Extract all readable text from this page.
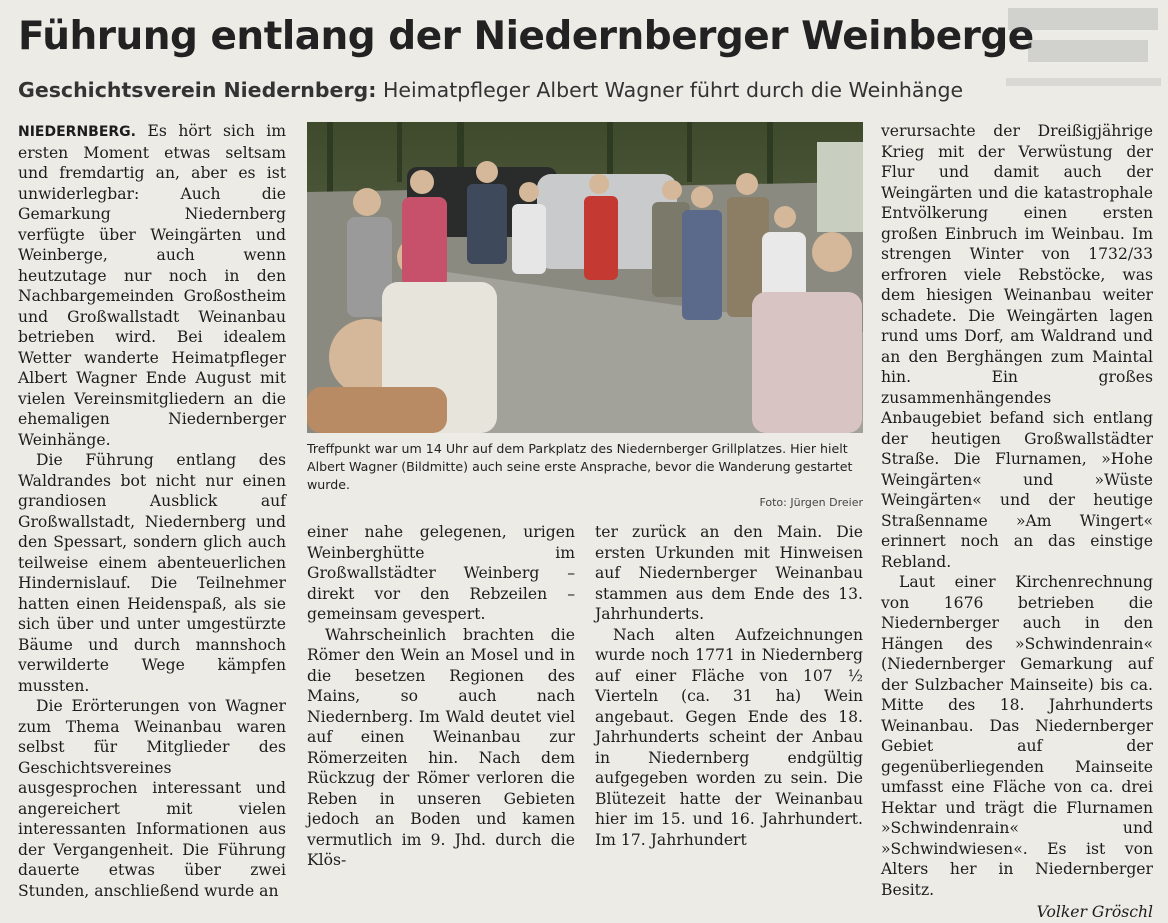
Führung entlang der Niedernberger Weinberge
Geschichtsverein Niedernberg: Heimatpfleger Albert Wagner führt durch die Weinhänge

NIEDERNBERG. Es hört sich im ersten Moment etwas seltsam und fremdartig an, aber es ist unwiderlegbar: Auch die Gemarkung Niedernberg verfügte über Weingärten und Weinberge, auch wenn heutzutage nur noch in den Nachbargemeinden Großostheim und Großwallstadt Weinanbau betrieben wird. Bei idealem Wetter wanderte Heimatpfleger Albert Wagner Ende August mit vielen Vereinsmitgliedern an die ehemaligen Niedernberger Weinhänge.

Die Führung entlang des Waldrandes bot nicht nur einen grandiosen Ausblick auf Großwallstadt, Niedernberg und den Spessart, sondern glich auch teilweise einem abenteuerlichen Hindernislauf. Die Teilnehmer hatten einen Heidenspaß, als sie sich über und unter umgestürzte Bäume und durch mannshoch verwilderte Wege kämpfen mussten.

Die Erörterungen von Wagner zum Thema Weinanbau waren selbst für Mitglieder des Geschichtsvereines ausgesprochen interessant und angereichert mit vielen interessanten Informationen aus der Vergangenheit. Die Führung dauerte etwas über zwei Stunden, anschließend wurde an

Treffpunkt war um 14 Uhr auf dem Parkplatz des Niedernberger Grillplatzes. Hier hielt Albert Wagner (Bildmitte) auch seine erste Ansprache, bevor die Wanderung gestartet wurde.
Foto: Jürgen Dreier

einer nahe gelegenen, urigen Weinberghütte im Großwallstädter Weinberg – direkt vor den Rebzeilen – gemeinsam gevespert.

Wahrscheinlich brachten die Römer den Wein an Mosel und in die besetzen Regionen des Mains, so auch nach Niedernberg. Im Wald deutet viel auf einen Weinanbau zur Römerzeiten hin. Nach dem Rückzug der Römer verloren die Reben in unseren Gebieten jedoch an Boden und kamen vermutlich im 9. Jhd. durch die Klös-

ter zurück an den Main. Die ersten Urkunden mit Hinweisen auf Niedernberger Weinanbau stammen aus dem Ende des 13. Jahrhunderts.

Nach alten Aufzeichnungen wurde noch 1771 in Niedernberg auf einer Fläche von 107 ½ Vierteln (ca. 31 ha) Wein angebaut. Gegen Ende des 18. Jahrhunderts scheint der Anbau in Niedernberg endgültig aufgegeben worden zu sein. Die Blütezeit hatte der Weinanbau hier im 15. und 16. Jahrhundert. Im 17. Jahrhundert

verursachte der Dreißigjährige Krieg mit der Verwüstung der Flur und damit auch der Weingärten und die katastrophale Entvölkerung einen ersten großen Einbruch im Weinbau. Im strengen Winter von 1732/33 erfroren viele Rebstöcke, was dem hiesigen Weinanbau weiter schadete. Die Weingärten lagen rund ums Dorf, am Waldrand und an den Berghängen zum Maintal hin. Ein großes zusammenhängendes Anbaugebiet befand sich entlang der heutigen Großwallstädter Straße. Die Flurnamen, »Hohe Weingärten« und »Wüste Weingärten« und der heutige Straßenname »Am Wingert« erinnert noch an das einstige Rebland.

Laut einer Kirchenrechnung von 1676 betrieben die Niedernberger auch in den Hängen des »Schwindenrain« (Niedernberger Gemarkung auf der Sulzbacher Mainseite) bis ca. Mitte des 18. Jahrhunderts Weinanbau. Das Niedernberger Gebiet auf der gegenüberliegenden Mainseite umfasst eine Fläche von ca. drei Hektar und trägt die Flurnamen »Schwindenrain« und »Schwindwiesen«. Es ist von Alters her in Niedernberger Besitz.

Volker Gröschl
